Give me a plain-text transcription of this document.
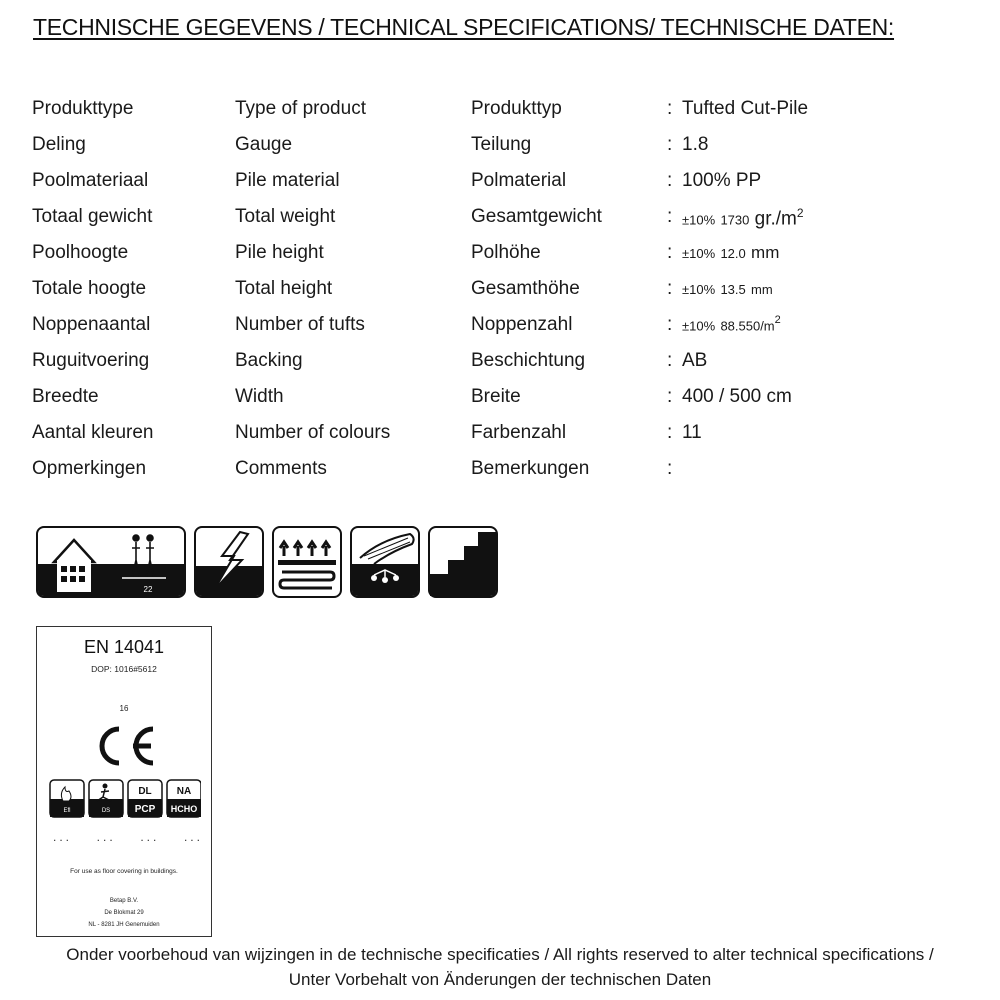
TECHNISCHE GEGEVENS / TECHNICAL SPECIFICATIONS/ TECHNISCHE DATEN:
Produkttype	Type of product	Produkttyp	: Tufted Cut-Pile
Deling	Gauge	Teilung	: 1.8
Poolmateriaal	Pile material	Polmaterial	: 100% PP
Totaal gewicht	Total weight	Gesamtgewicht	: ±10% 1730 $gr./m^2$
Poolhoogte	Pile height	Polhöhe	: ±10% 12.0 mm
Totale hoogte	Total height	Gesamthöhe	: ±10% 13.5 mm
Noppenaantal	Number of tufts	Noppenzahl	: ±10% $88.550/m^2$
Ruguitvoering	Backing	Beschichtung	: AB
Breedte	Width	Breite	: 400 / 500 cm
Aantal kleuren	Number of colours	Farbenzahl	: 11
Opmerkingen	Comments	Bemerkungen	:
22
EN 14041
DOP: 1016#5612
16
Efl	DS
DL
PCP
NA
HCHO
... ... ... ...
For use as floor covering in buildings.
Betap B.V.
De Blokmat 29
NL - 8281 JH Genemuiden
Onder voorbehoud van wijzingen in de technische specificaties / All rights reserved to alter technical specifications /
Unter Vorbehalt von Änderungen der technischen Daten
